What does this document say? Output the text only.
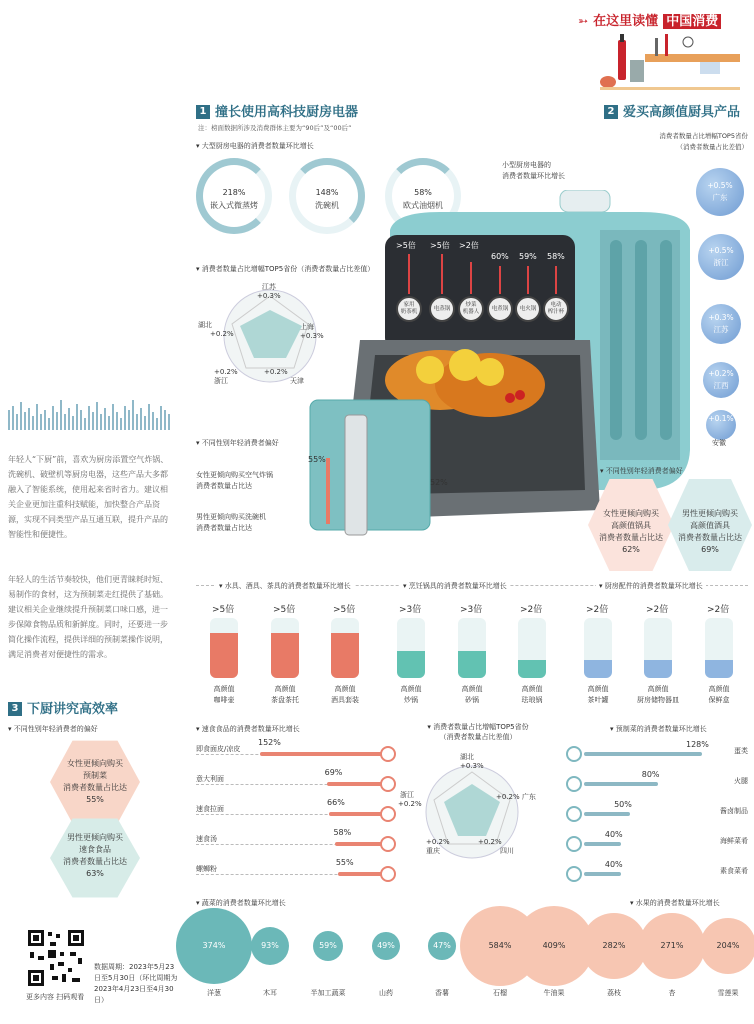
➳ 在这里读懂 中国消费
1 撞长使用高科技厨房电器
注：榜面数据所涉及消费群体主要为“90后”及“00后”
▾ 大型厨房电器的消费者数量环比增长
218%
嵌入式微蒸烤
148%
洗碗机
58%
欧式油烟机
小型厨房电器的
消费者数量环比增长
>5倍
家用
奶茶机
>5倍
电蒸锅
>2倍
炒菜
机器人
60%
电煮锅
59%
电火锅
58%
电动
榨汁杯
▾ 消费者数量占比增幅TOP5省份（消费者数量占比差值）
江苏
+0.3%
上海
+0.3%
+0.2%
天津
+0.2%
浙江
湖北
+0.2%
▾ 不同性别年轻消费者偏好
女性更倾向购买空气炸锅
消费者数量占比达
男性更倾向购买洗碗机
消费者数量占比达
55%
52%
2 爱买高颜值厨具产品
消费者数量占比增幅TOP5省份
（消费者数量占比差值）
+0.5%
广东
+0.5%
浙江
+0.3%
江苏
+0.2%
江西
+0.1%
安徽
▾ 不同性别年轻消费者偏好
女性更倾向购买
高颜值锅具
消费者数量占比达
62%
男性更倾向购买
高颜值酒具
消费者数量占比达
69%
▾ 水具、酒具、茶具的消费者数量环比增长	▾ 烹饪锅具的消费者数量环比增长	▾ 厨房配件的消费者数量环比增长
>5倍
高颜值
咖啡壶
>5倍
高颜值
茶盘茶托
>5倍
高颜值
酒具套装
>3倍
高颜值
炒锅
>3倍
高颜值
砂锅
>2倍
高颜值
珐琅锅
>2倍
高颜值
茶叶罐
>2倍
高颜值
厨房储物器皿
>2倍
高颜值
保鲜盒
年轻人“下厨”前，喜欢为厨房添置空气炸锅、洗碗机、破壁机等厨房电器，这些产品大多都融入了智能系统，使用起来省时省力。建议相关企业更加注重科技赋能，加快整合产品资源，实现不同类型产品互通互联，提升产品的智能性和便捷性。
年轻人的生活节奏较快，他们更青睐耗时短、易制作的食材，这为预制菜走红提供了基础。建议相关企业继续提升预制菜口味口感，进一步保障食物品质和新鲜度。同时，还要进一步简化操作流程，提供详细的预制菜操作说明，满足消费者对便捷性的需求。
3 下厨讲究高效率
▾ 不同性别年轻消费者的偏好
女性更倾向购买
预制菜
消费者数量占比达
55%
男性更倾向购买
速食食品
消费者数量占比达
63%
▾ 速食食品的消费者数量环比增长
即食面皮/凉皮
152%
意大利面
69%
速食拉面
66%
速食汤
58%
螺蛳粉
55%
▾ 消费者数量占比增幅TOP5省份
（消费者数量占比差值）
湖北
+0.3%
+0.2% 广东
+0.2%
四川
+0.2%
重庆
浙江
+0.2%
▾ 预制菜的消费者数量环比增长
128%
蛋类
80%
火腿
50%
酱卤制品
40%
海鲜菜肴
40%
素食菜肴
▾ 蔬菜的消费者数量环比增长	▾ 水果的消费者数量环比增长
374%
洋葱
93%
木耳
59%
半加工蔬菜
49%
山药
47%
香薯
584%
石榴
409%
牛油果
282%
荔枝
271%
杏
204%
雪莲果
更多内容 扫码观看
数据周期：2023年5月23日至5月30日（环比周期为2023年4月23日至4月30日）
